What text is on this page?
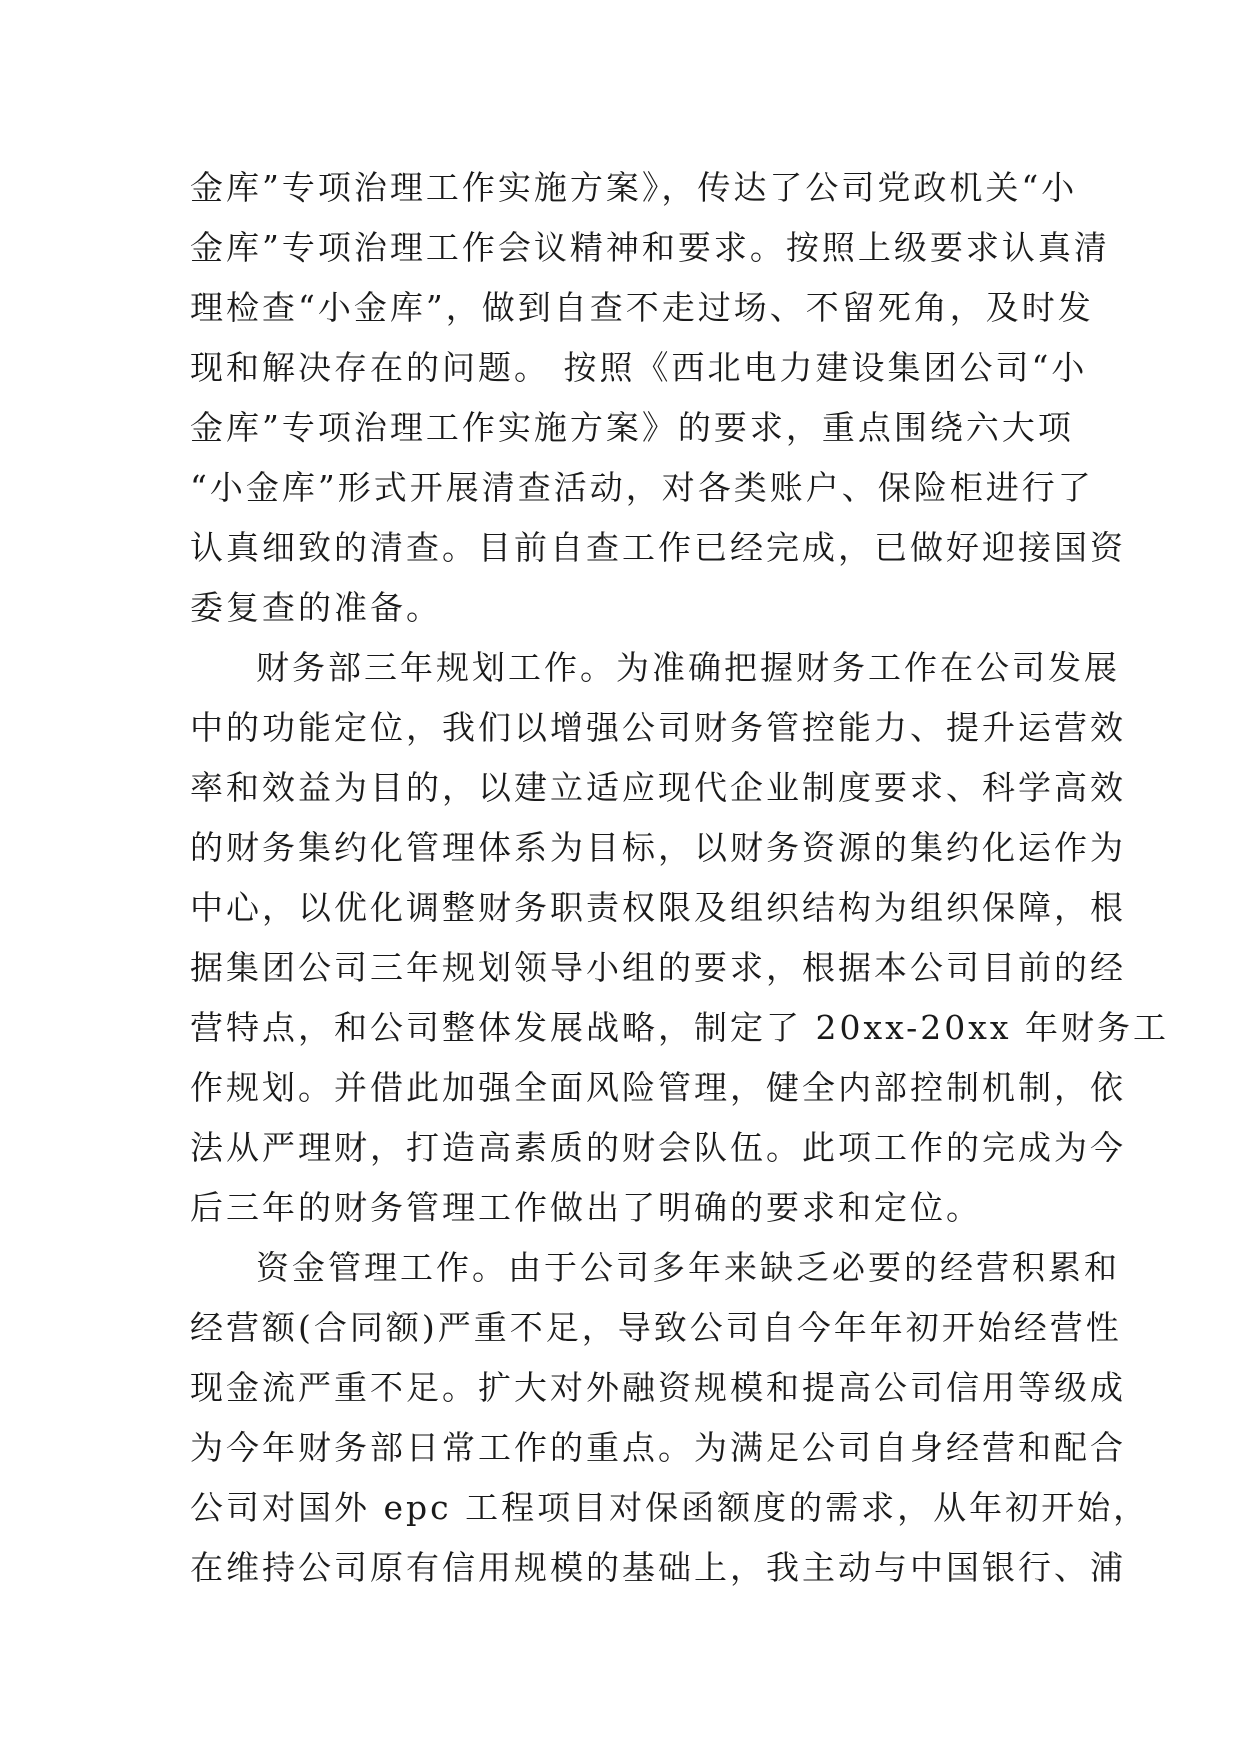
金库”专项治理工作实施方案》，传达了公司党政机关“小
金库”专项治理工作会议精神和要求。按照上级要求认真清
理检查“小金库”，做到自查不走过场、不留死角，及时发
现和解决存在的问题。 按照《西北电力建设集团公司“小
金库”专项治理工作实施方案》的要求，重点围绕六大项
“小金库”形式开展清查活动，对各类账户、保险柜进行了
认真细致的清查。目前自查工作已经完成，已做好迎接国资
委复查的准备。
财务部三年规划工作。为准确把握财务工作在公司发展
中的功能定位，我们以增强公司财务管控能力、提升运营效
率和效益为目的，以建立适应现代企业制度要求、科学高效
的财务集约化管理体系为目标，以财务资源的集约化运作为
中心，以优化调整财务职责权限及组织结构为组织保障，根
据集团公司三年规划领导小组的要求，根据本公司目前的经
营特点，和公司整体发展战略，制定了 20xx-20xx 年财务工
作规划。并借此加强全面风险管理，健全内部控制机制，依
法从严理财，打造高素质的财会队伍。此项工作的完成为今
后三年的财务管理工作做出了明确的要求和定位。
资金管理工作。由于公司多年来缺乏必要的经营积累和
经营额(合同额)严重不足，导致公司自今年年初开始经营性
现金流严重不足。扩大对外融资规模和提高公司信用等级成
为今年财务部日常工作的重点。为满足公司自身经营和配合
公司对国外 epc 工程项目对保函额度的需求，从年初开始，
在维持公司原有信用规模的基础上，我主动与中国银行、浦
